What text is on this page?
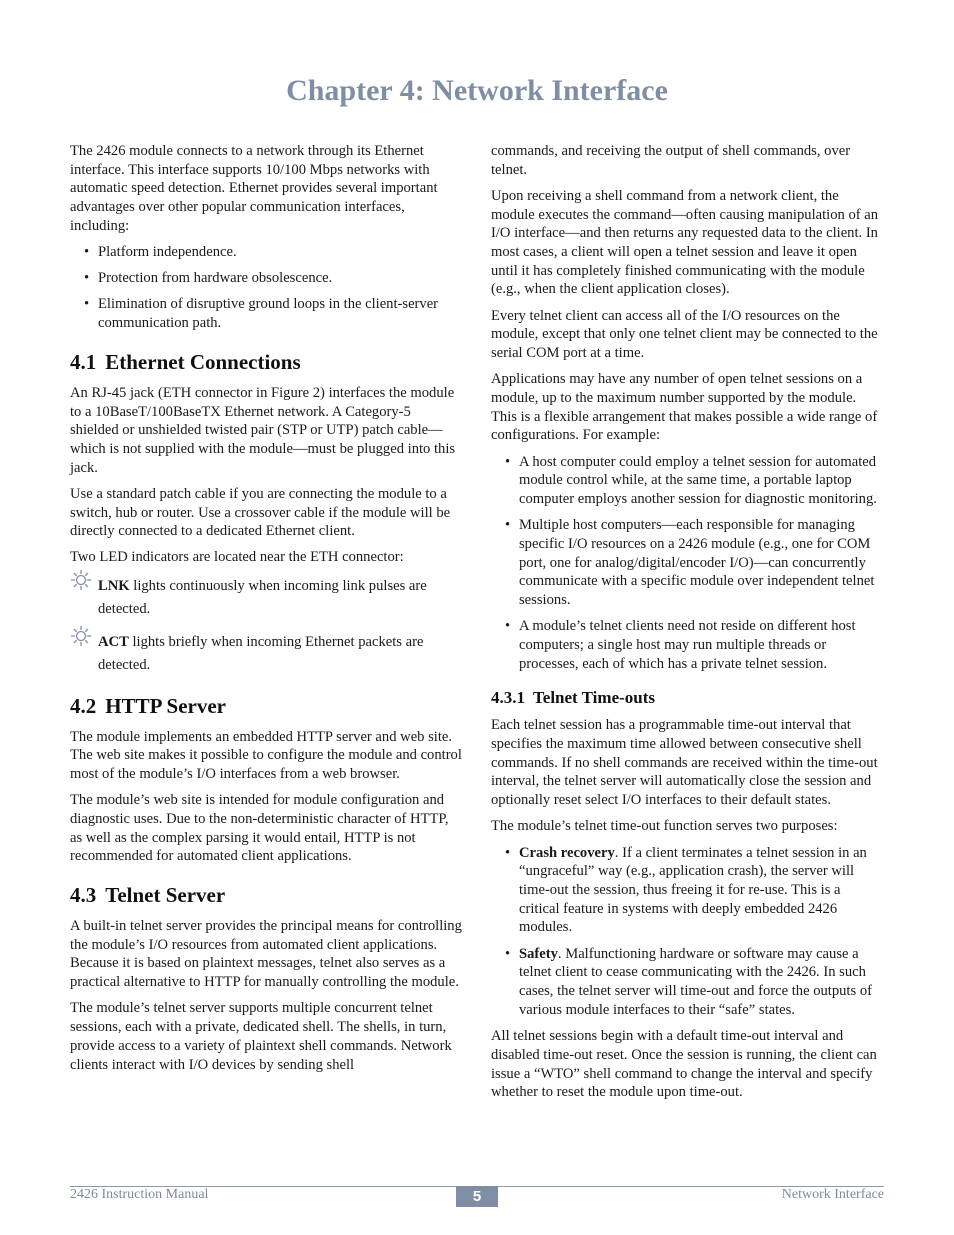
Chapter 4: Network Interface

The 2426 module connects to a network through its Ethernet interface. This interface supports 10/100 Mbps networks with automatic speed detection. Ethernet provides several important advantages over other popular communication interfaces, including:

• Platform independence.
• Protection from hardware obsolescence.
• Elimination of disruptive ground loops in the client-server communication path.
4.1 Ethernet Connections

An RJ-45 jack (ETH connector in Figure 2) interfaces the module to a 10BaseT/100BaseTX Ethernet network. A Category-5 shielded or unshielded twisted pair (STP or UTP) patch cable—which is not supplied with the module—must be plugged into this jack.

Use a standard patch cable if you are connecting the module to a switch, hub or router. Use a crossover cable if the module will be directly connected to a dedicated Ethernet client.

Two LED indicators are located near the ETH connector:

LNK lights continuously when incoming link pulses are detected.
ACT lights briefly when incoming Ethernet packets are detected.
4.2 HTTP Server

The module implements an embedded HTTP server and web site. The web site makes it possible to configure the module and control most of the module’s I/O interfaces from a web browser.

The module’s web site is intended for module configuration and diagnostic uses. Due to the non-deterministic character of HTTP, as well as the complex parsing it would entail, HTTP is not recommended for automated client applications.

4.3 Telnet Server

A built-in telnet server provides the principal means for controlling the module’s I/O resources from automated client applications. Because it is based on plaintext messages, telnet also serves as a practical alternative to HTTP for manually controlling the module.

The module’s telnet server supports multiple concurrent telnet sessions, each with a private, dedicated shell. The shells, in turn, provide access to a variety of plaintext shell commands. Network clients interact with I/O devices by sending shell

commands, and receiving the output of shell commands, over telnet.

Upon receiving a shell command from a network client, the module executes the command—often causing manipulation of an I/O interface—and then returns any requested data to the client. In most cases, a client will open a telnet session and leave it open until it has completely finished communicating with the module (e.g., when the client application closes).

Every telnet client can access all of the I/O resources on the module, except that only one telnet client may be connected to the serial COM port at a time.

Applications may have any number of open telnet sessions on a module, up to the maximum number supported by the module. This is a flexible arrangement that makes possible a wide range of configurations. For example:

• A host computer could employ a telnet session for automated module control while, at the same time, a portable laptop computer employs another session for diagnostic monitoring.
• Multiple host computers—each responsible for managing specific I/O resources on a 2426 module (e.g., one for COM port, one for analog/digital/encoder I/O)—can concurrently communicate with a specific module over independent telnet sessions.
• A module’s telnet clients need not reside on different host computers; a single host may run multiple threads or processes, each of which has a private telnet session.
4.3.1 Telnet Time-outs

Each telnet session has a programmable time-out interval that specifies the maximum time allowed between consecutive shell commands. If no shell commands are received within the time-out interval, the telnet server will automatically close the session and optionally reset select I/O interfaces to their default states.

The module’s telnet time-out function serves two purposes:

• Crash recovery. If a client terminates a telnet session in an “ungraceful” way (e.g., application crash), the server will time-out the session, thus freeing it for re-use. This is a critical feature in systems with deeply embedded 2426 modules.
• Safety. Malfunctioning hardware or software may cause a telnet client to cease communicating with the 2426. In such cases, the telnet server will time-out and force the outputs of various module interfaces to their “safe” states.

All telnet sessions begin with a default time-out interval and disabled time-out reset. Once the session is running, the client can issue a “WTO” shell command to change the interval and specify whether to reset the module upon time-out.

2426 Instruction Manual	5	Network Interface
